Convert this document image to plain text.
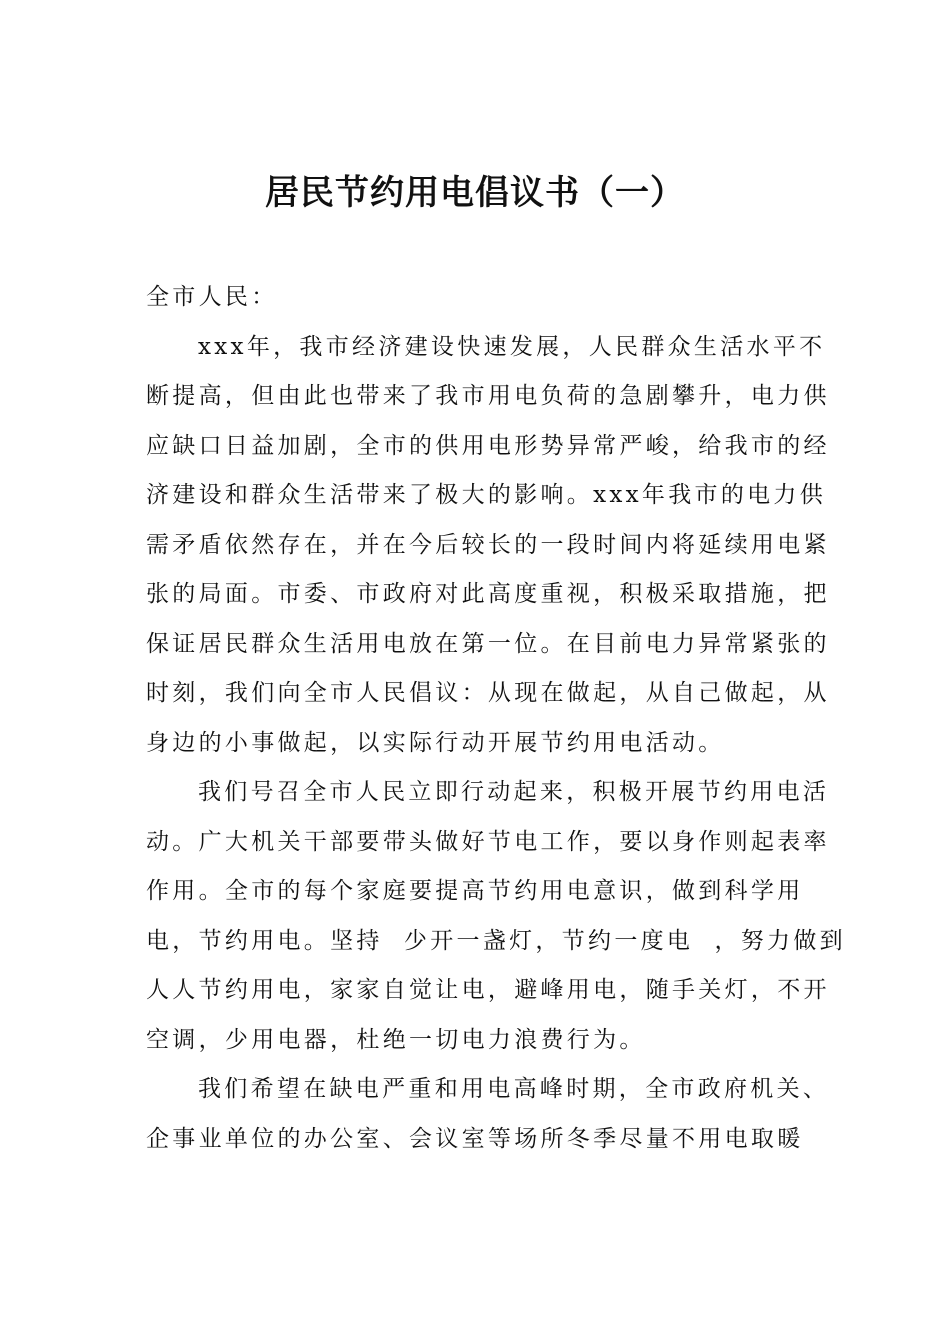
居民节约用电倡议书（一）

全市人民：

xxx年，我市经济建设快速发展，人民群众生活水平不断提高，但由此也带来了我市用电负荷的急剧攀升，电力供应缺口日益加剧，全市的供用电形势异常严峻，给我市的经济建设和群众生活带来了极大的影响。xxx年我市的电力供需矛盾依然存在，并在今后较长的一段时间内将延续用电紧张的局面。市委、市政府对此高度重视，积极采取措施，把保证居民群众生活用电放在第一位。在目前电力异常紧张的时刻，我们向全市人民倡议：从现在做起，从自己做起，从身边的小事做起，以实际行动开展节约用电活动。

我们号召全市人民立即行动起来，积极开展节约用电活动。广大机关干部要带头做好节电工作，要以身作则起表率作用。全市的每个家庭要提高节约用电意识，做到科学用电，节约用电。坚持  少开一盏灯，节约一度电  ，努力做到人人节约用电，家家自觉让电，避峰用电，随手关灯，不开空调，少用电器，杜绝一切电力浪费行为。

我们希望在缺电严重和用电高峰时期，全市政府机关、企事业单位的办公室、会议室等场所冬季尽量不用电取暖
